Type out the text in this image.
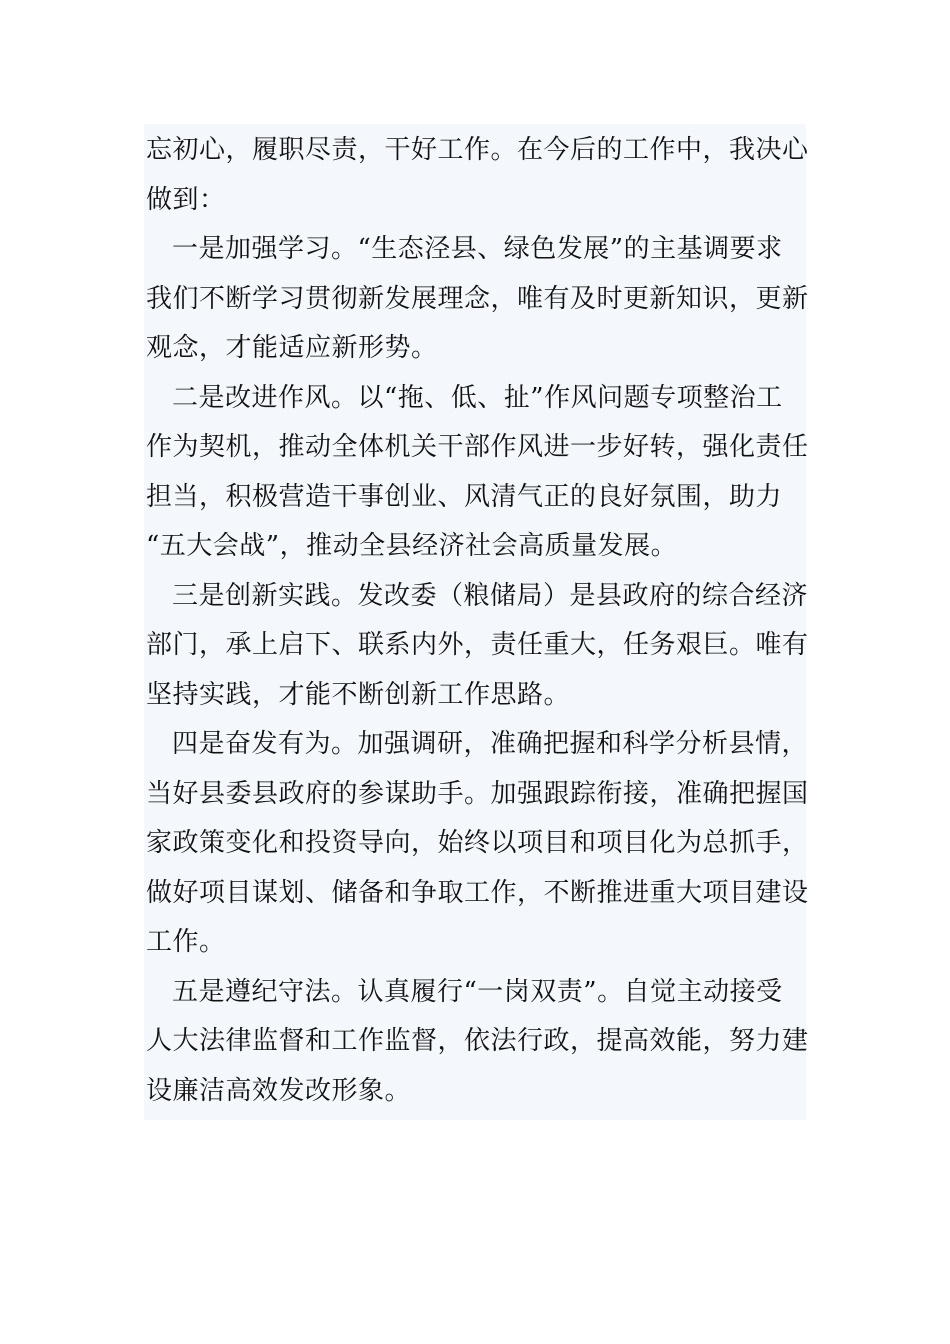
忘初心，履职尽责，干好工作。在今后的工作中，我决心
做到：
一是加强学习。“生态泾县、绿色发展”的主基调要求
我们不断学习贯彻新发展理念，唯有及时更新知识，更新
观念，才能适应新形势。
二是改进作风。以“拖、低、扯”作风问题专项整治工
作为契机，推动全体机关干部作风进一步好转，强化责任
担当，积极营造干事创业、风清气正的良好氛围，助力
“五大会战”，推动全县经济社会高质量发展。
三是创新实践。发改委（粮储局）是县政府的综合经济
部门，承上启下、联系内外，责任重大，任务艰巨。唯有
坚持实践，才能不断创新工作思路。
四是奋发有为。加强调研，准确把握和科学分析县情，
当好县委县政府的参谋助手。加强跟踪衔接，准确把握国
家政策变化和投资导向，始终以项目和项目化为总抓手，
做好项目谋划、储备和争取工作，不断推进重大项目建设
工作。
五是遵纪守法。认真履行“一岗双责”。自觉主动接受
人大法律监督和工作监督，依法行政，提高效能，努力建
设廉洁高效发改形象。
